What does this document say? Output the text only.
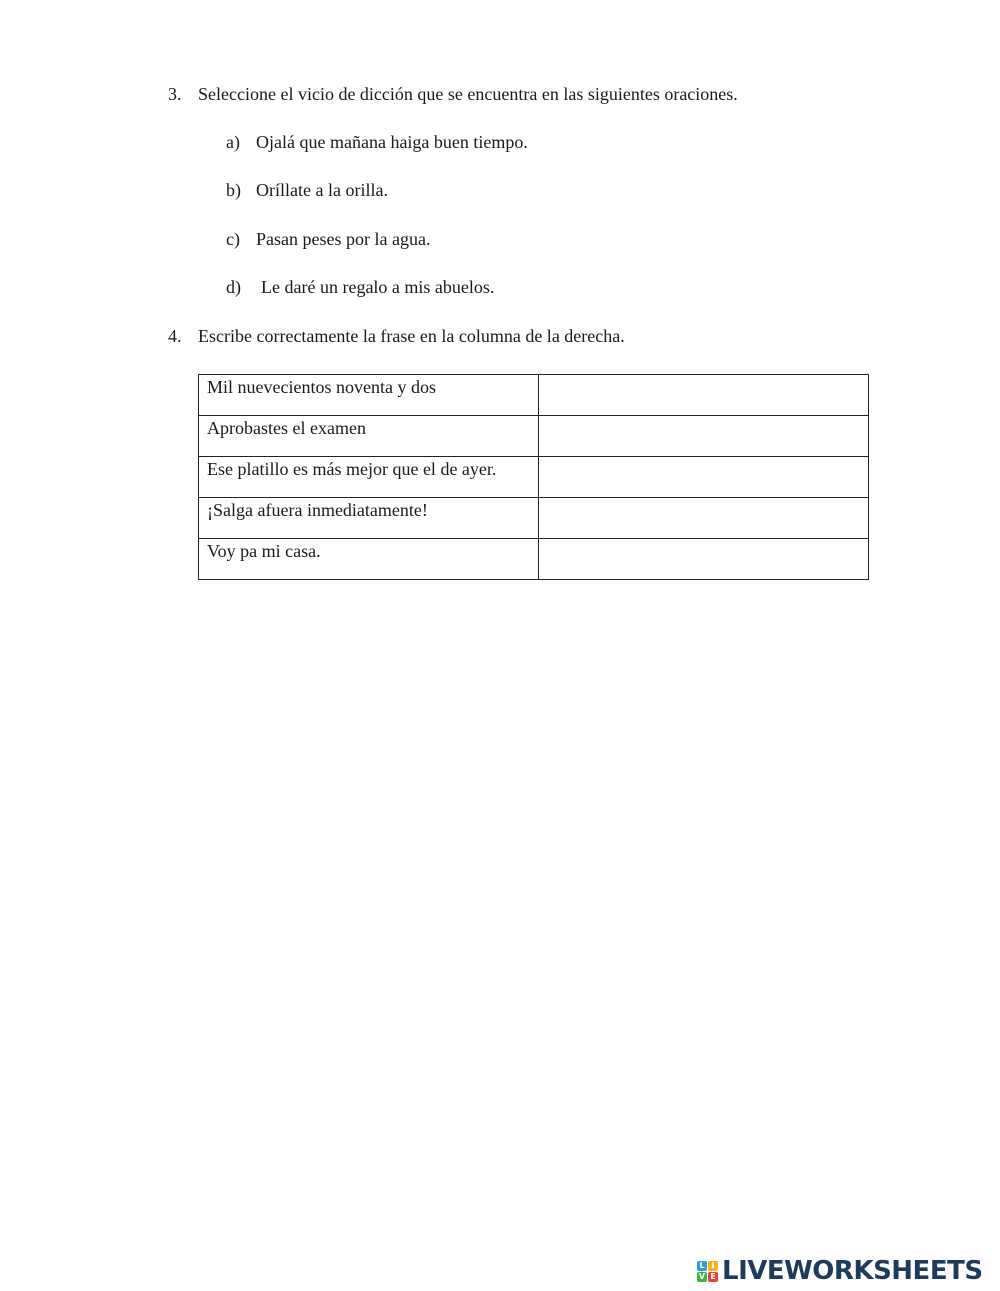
3. Seleccione el vicio de dicción que se encuentra en las siguientes oraciones.
a) Ojalá que mañana haiga buen tiempo.
b) Oríllate a la orilla.
c) Pasan peses por la agua.
d) Le daré un regalo a mis abuelos.
4. Escribe correctamente la frase en la columna de la derecha.
Mil nuevecientos noventa y dos	
Aprobastes el examen	
Ese platillo es más mejor que el de ayer.	
¡Salga afuera inmediatamente!	
Voy pa mi casa.	
L I
V E LIVEWORKSHEETS
